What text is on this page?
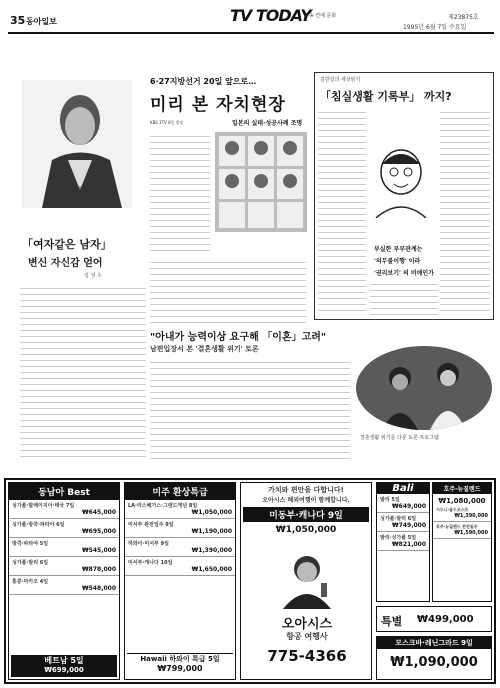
35 동아일보	TV TODAY
방송 연예 문화	제23875호
1995년 6월 7일 수요일
KBS2TV 월화드라마
「여자같은 남자」
변신 자신감 얻어
김 성 수
6·27지방선거 20일 앞으로…
미리 본 자치현장
KBS 1TV 8일 방송	일본의 실태·성공사례 조명
김한길의 세상읽기
「침실생활 기록부」 까지?
부실한 부부관계는
'의무불이행' 이라
'권리보기' 의 비애인가
"아내가 능력이상 요구해 「이혼」고려"
남편입장서 본 '결혼생활 위기' 토론
결혼생활 위기를 다룬 토론 프로그램
동남아 Best
싱가폴·말레이지아·태국 7일
₩645,000
싱가폴·방콕·파타야 6일
₩695,000
방콕·파타야 5일
₩545,000
싱가폴·발리 6일
₩878,000
홍콩·마카오 4일
₩548,000
베트남 5일
₩699,000
미주 환상특급
LA·라스베가스·그랜드캐년 8일
₩1,050,000
미서부 완전일주 9일
₩1,190,000
하와이·미서부 9일
₩1,390,000
미서부·캐나다 10일
₩1,650,000
Hawaii 하와이 특급 5일
₩799,000
가치와 편안을 다합니다!
오아시스 해외여행이 함께합니다.
미동부·캐나다 9일
₩1,050,000
오아시스
항공 여행사
775-4366
Bali
발리 5일
₩649,000
싱가폴·발리 6일
₩749,000
발리·싱가폴 5일
₩821,000
호주·뉴질랜드
₩1,080,000
시드니·골드코스트
₩1,390,000
호주·뉴질랜드 완전일주
₩1,590,000
특별 ₩499,000
모스크바·레닌그라드 9일
₩1,090,000
